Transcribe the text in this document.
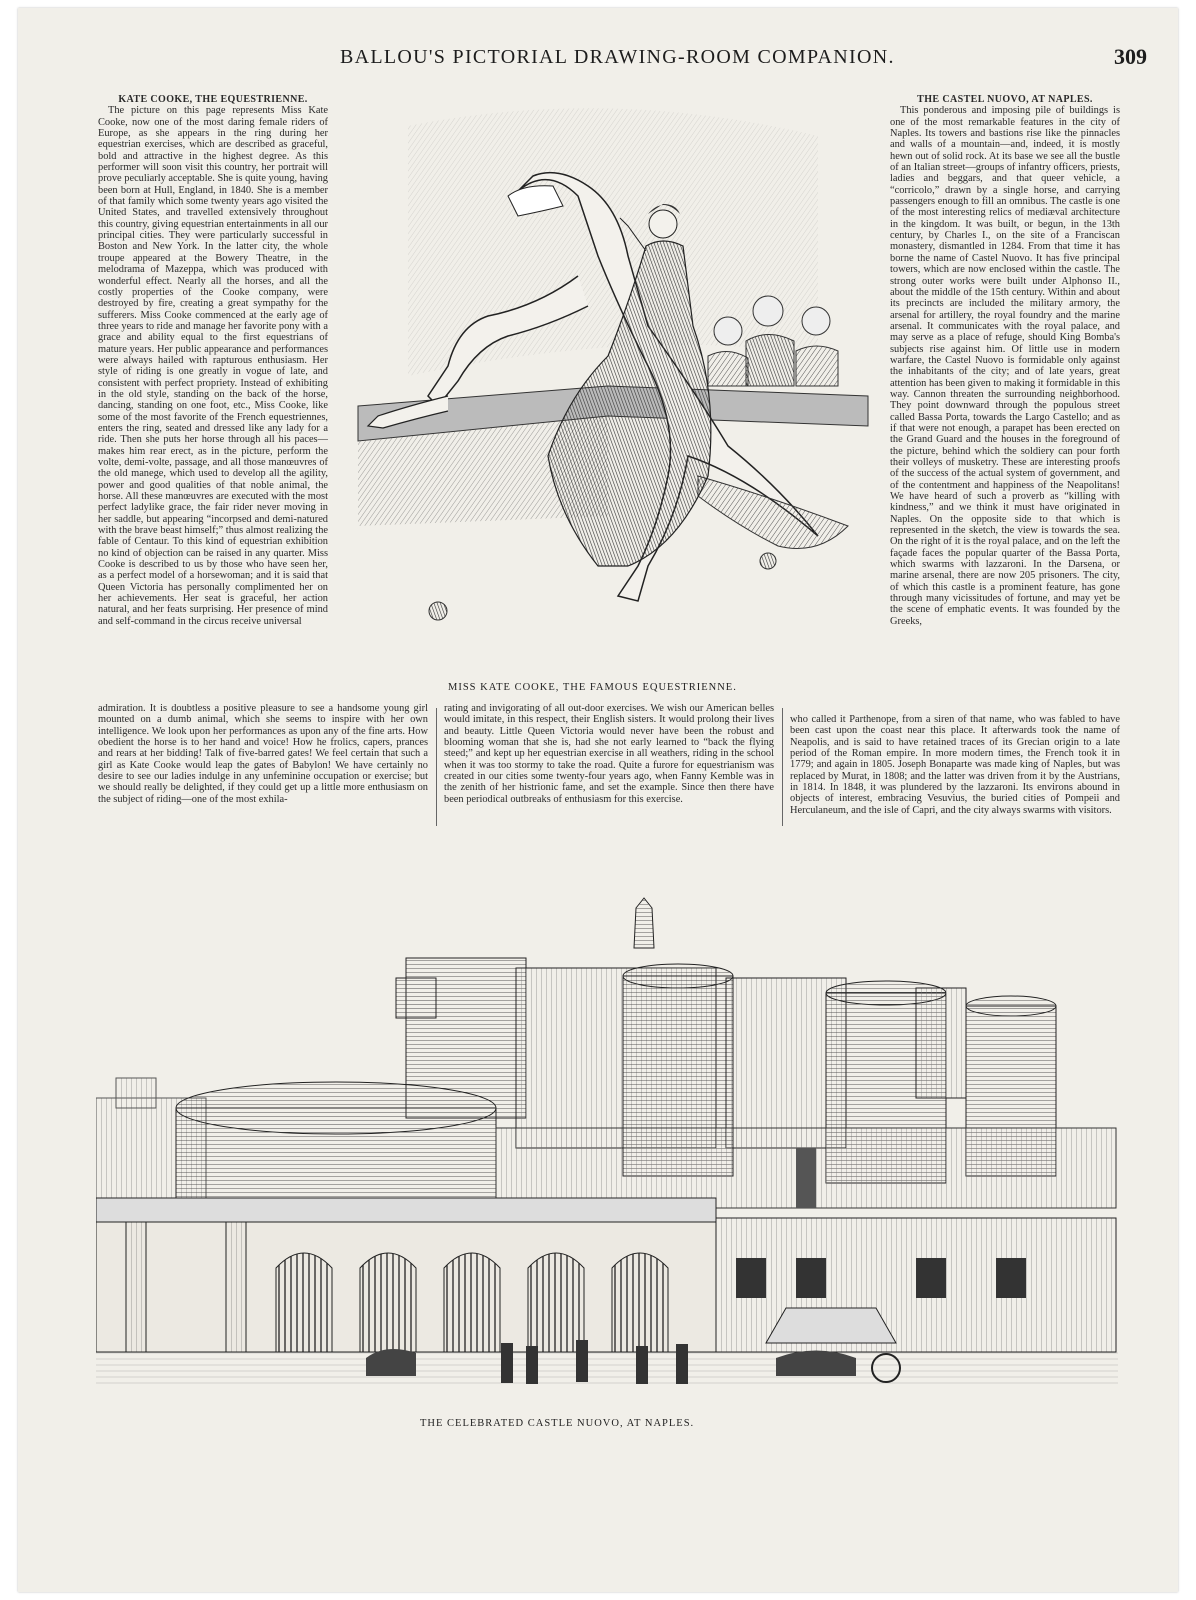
BALLOU'S PICTORIAL DRAWING-ROOM COMPANION.	309

KATE COOKE, THE EQUESTRIENNE.

The picture on this page represents Miss Kate Cooke, now one of the most daring female riders of Europe, as she appears in the ring during her equestrian exercises, which are described as graceful, bold and attractive in the highest degree. As this performer will soon visit this country, her portrait will prove peculiarly acceptable. She is quite young, having been born at Hull, England, in 1840. She is a member of that family which some twenty years ago visited the United States, and travelled extensively throughout this country, giving equestrian entertainments in all our principal cities. They were particularly successful in Boston and New York. In the latter city, the whole troupe appeared at the Bowery Theatre, in the melodrama of Mazeppa, which was produced with wonderful effect. Nearly all the horses, and all the costly properties of the Cooke company, were destroyed by fire, creating a great sympathy for the sufferers. Miss Cooke commenced at the early age of three years to ride and manage her favorite pony with a grace and ability equal to the first equestrians of mature years. Her public appearance and performances were always hailed with rapturous enthusiasm. Her style of riding is one greatly in vogue of late, and consistent with perfect propriety. Instead of exhibiting in the old style, standing on the back of the horse, dancing, standing on one foot, etc., Miss Cooke, like some of the most favorite of the French equestriennes, enters the ring, seated and dressed like any lady for a ride. Then she puts her horse through all his paces—makes him rear erect, as in the picture, perform the volte, demi-volte, passage, and all those manœuvres of the old manege, which used to develop all the agility, power and good qualities of that noble animal, the horse. All these manœuvres are executed with the most perfect ladylike grace, the fair rider never moving in her saddle, but appearing “incorpsed and demi-natured with the brave beast himself;” thus almost realizing the fable of Centaur. To this kind of equestrian exhibition no kind of objection can be raised in any quarter. Miss Cooke is described to us by those who have seen her, as a perfect model of a horsewoman; and it is said that Queen Victoria has personally complimented her on her achievements. Her seat is graceful, her action natural, and her feats surprising. Her presence of mind and self-command in the circus receive universal

MISS KATE COOKE, THE FAMOUS EQUESTRIENNE.

THE CASTEL NUOVO, AT NAPLES.

This ponderous and imposing pile of buildings is one of the most remarkable features in the city of Naples. Its towers and bastions rise like the pinnacles and walls of a mountain—and, indeed, it is mostly hewn out of solid rock. At its base we see all the bustle of an Italian street—groups of infantry officers, priests, ladies and beggars, and that queer vehicle, a “corricolo,” drawn by a single horse, and carrying passengers enough to fill an omnibus. The castle is one of the most interesting relics of mediæval architecture in the kingdom. It was built, or begun, in the 13th century, by Charles I., on the site of a Franciscan monastery, dismantled in 1284. From that time it has borne the name of Castel Nuovo. It has five principal towers, which are now enclosed within the castle. The strong outer works were built under Alphonso II., about the middle of the 15th century. Within and about its precincts are included the military armory, the arsenal for artillery, the royal foundry and the marine arsenal. It communicates with the royal palace, and may serve as a place of refuge, should King Bomba's subjects rise against him. Of little use in modern warfare, the Castel Nuovo is formidable only against the inhabitants of the city; and of late years, great attention has been given to making it formidable in this way. Cannon threaten the surrounding neighborhood. They point downward through the populous street called Bassa Porta, towards the Largo Castello; and as if that were not enough, a parapet has been erected on the Grand Guard and the houses in the foreground of the picture, behind which the soldiery can pour forth their volleys of musketry. These are interesting proofs of the success of the actual system of government, and of the contentment and happiness of the Neapolitans! We have heard of such a proverb as “killing with kindness,” and we think it must have originated in Naples. On the opposite side to that which is represented in the sketch, the view is towards the sea. On the right of it is the royal palace, and on the left the façade faces the popular quarter of the Bassa Porta, which swarms with lazzaroni. In the Darsena, or marine arsenal, there are now 205 prisoners. The city, of which this castle is a prominent feature, has gone through many vicissitudes of fortune, and may yet be the scene of emphatic events. It was founded by the Greeks,

admiration. It is doubtless a positive pleasure to see a handsome young girl mounted on a dumb animal, which she seems to inspire with her own intelligence. We look upon her performances as upon any of the fine arts. How obedient the horse is to her hand and voice! How he frolics, capers, prances and rears at her bidding! Talk of five-barred gates! We feel certain that such a girl as Kate Cooke would leap the gates of Babylon! We have certainly no desire to see our ladies indulge in any unfeminine occupation or exercise; but we should really be delighted, if they could get up a little more enthusiasm on the subject of riding—one of the most exhila-

rating and invigorating of all out-door exercises. We wish our American belles would imitate, in this respect, their English sisters. It would prolong their lives and beauty. Little Queen Victoria would never have been the robust and blooming woman that she is, had she not early learned to “back the flying steed;” and kept up her equestrian exercise in all weathers, riding in the school when it was too stormy to take the road. Quite a furore for equestrianism was created in our cities some twenty-four years ago, when Fanny Kemble was in the zenith of her histrionic fame, and set the example. Since then there have been periodical outbreaks of enthusiasm for this exercise.

who called it Parthenope, from a siren of that name, who was fabled to have been cast upon the coast near this place. It afterwards took the name of Neapolis, and is said to have retained traces of its Grecian origin to a late period of the Roman empire. In more modern times, the French took it in 1779; and again in 1805. Joseph Bonaparte was made king of Naples, but was replaced by Murat, in 1808; and the latter was driven from it by the Austrians, in 1814. In 1848, it was plundered by the lazzaroni. Its environs abound in objects of interest, embracing Vesuvius, the buried cities of Pompeii and Herculaneum, and the isle of Capri, and the city always swarms with visitors.

THE CELEBRATED CASTLE NUOVO, AT NAPLES.
